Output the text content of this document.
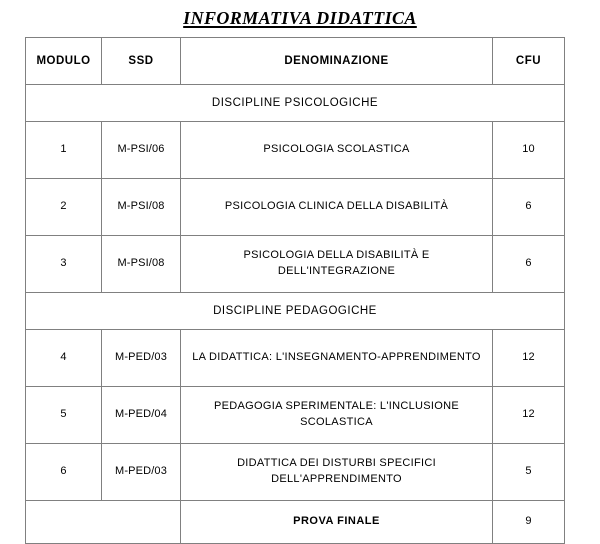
INFORMATIVA DIDATTICA
MODULO	SSD	DENOMINAZIONE	CFU
DISCIPLINE PSICOLOGICHE			
1	M-PSI/06	PSICOLOGIA SCOLASTICA	10
2	M-PSI/08	PSICOLOGIA CLINICA DELLA DISABILITÀ	6
3	M-PSI/08	PSICOLOGIA DELLA DISABILITÀ E DELL'INTEGRAZIONE	6
DISCIPLINE PEDAGOGICHE			
4	M-PED/03	LA DIDATTICA: L'INSEGNAMENTO-APPRENDIMENTO	12
5	M-PED/04	PEDAGOGIA SPERIMENTALE: L'INCLUSIONE SCOLASTICA	12
6	M-PED/03	DIDATTICA DEI DISTURBI SPECIFICI DELL'APPRENDIMENTO	5
		PROVA FINALE	9
